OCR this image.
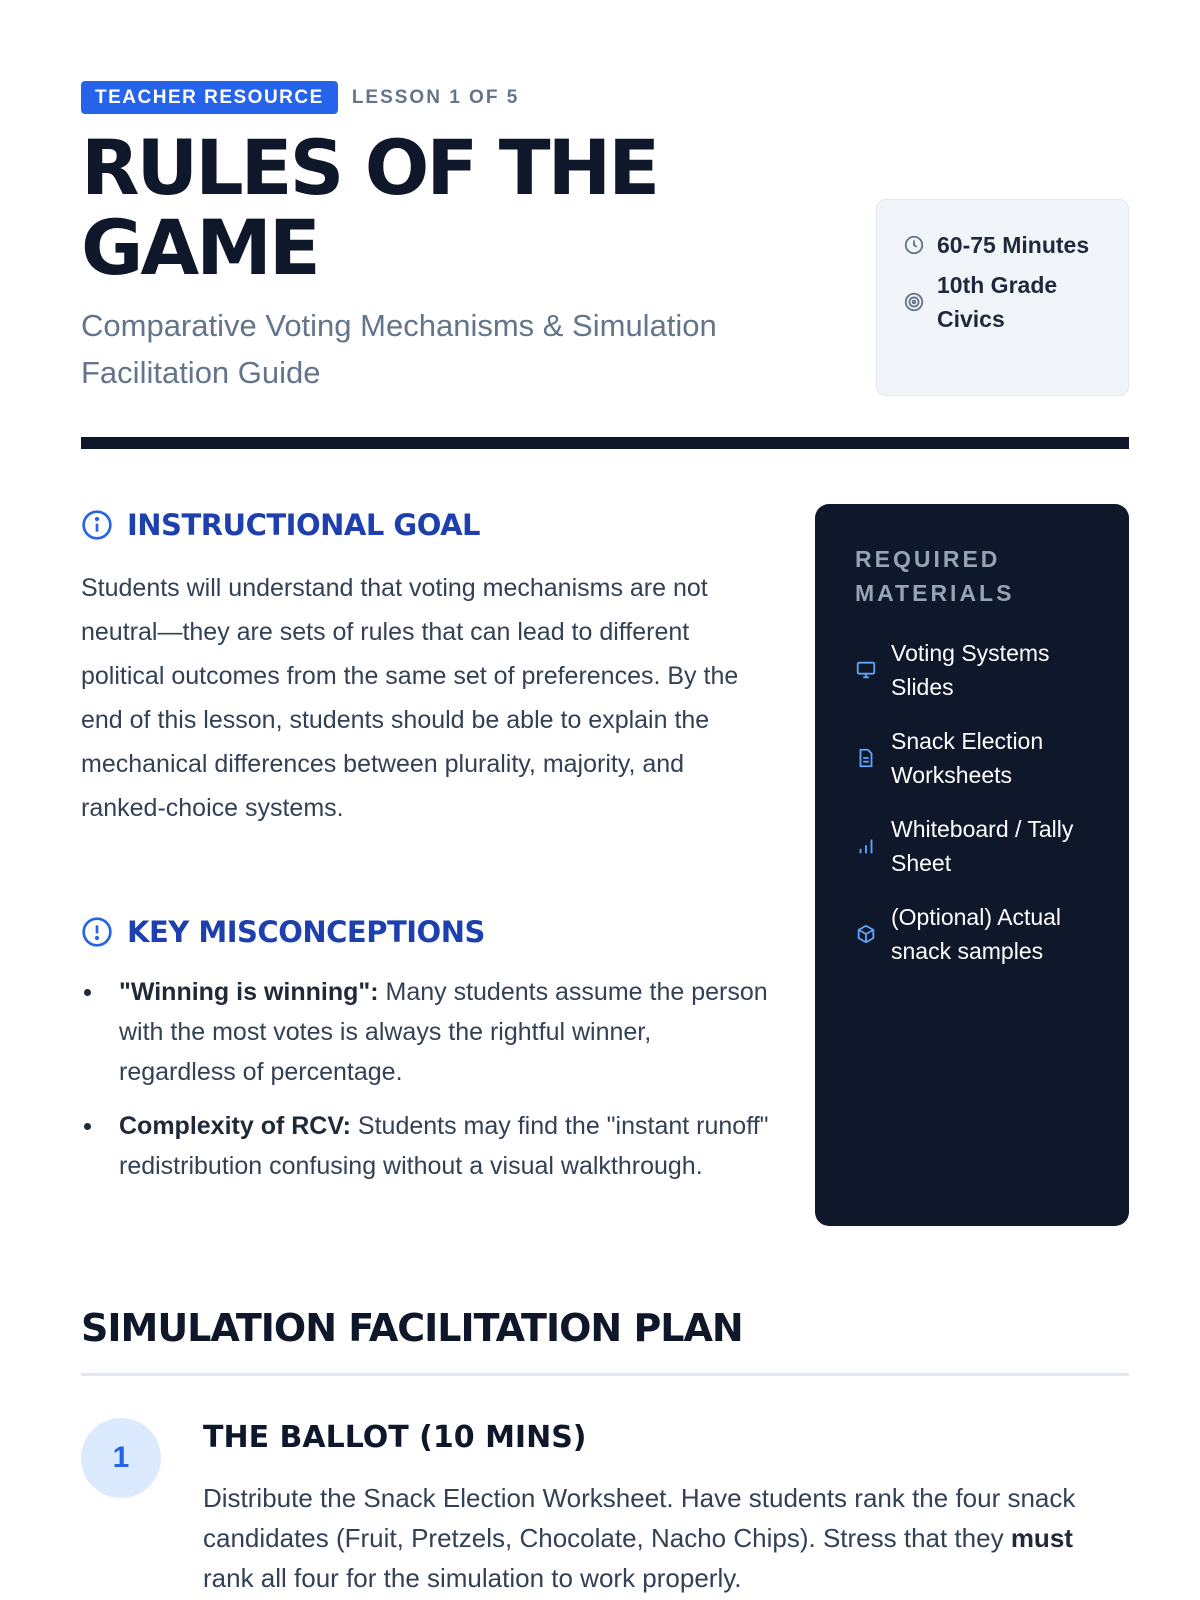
TEACHER RESOURCE	LESSON 1 OF 5
RULES OF THE GAME

Comparative Voting Mechanisms & Simulation Facilitation Guide

60-75 Minutes
10th Grade Civics
INSTRUCTIONAL GOAL

Students will understand that voting mechanisms are not neutral—they are sets of rules that can lead to different political outcomes from the same set of preferences. By the end of this lesson, students should be able to explain the mechanical differences between plurality, majority, and ranked-choice systems.

KEY MISCONCEPTIONS
"Winning is winning": Many students assume the person with the most votes is always the rightful winner, regardless of percentage.
Complexity of RCV: Students may find the "instant runoff" redistribution confusing without a visual walkthrough.
REQUIRED MATERIALS
Voting Systems Slides
Snack Election Worksheets
Whiteboard / Tally Sheet
(Optional) Actual snack samples
SIMULATION FACILITATION PLAN
1
THE BALLOT (10 MINS)

Distribute the Snack Election Worksheet. Have students rank the four snack candidates (Fruit, Pretzels, Chocolate, Nacho Chips). Stress that they must rank all four for the simulation to work properly.
